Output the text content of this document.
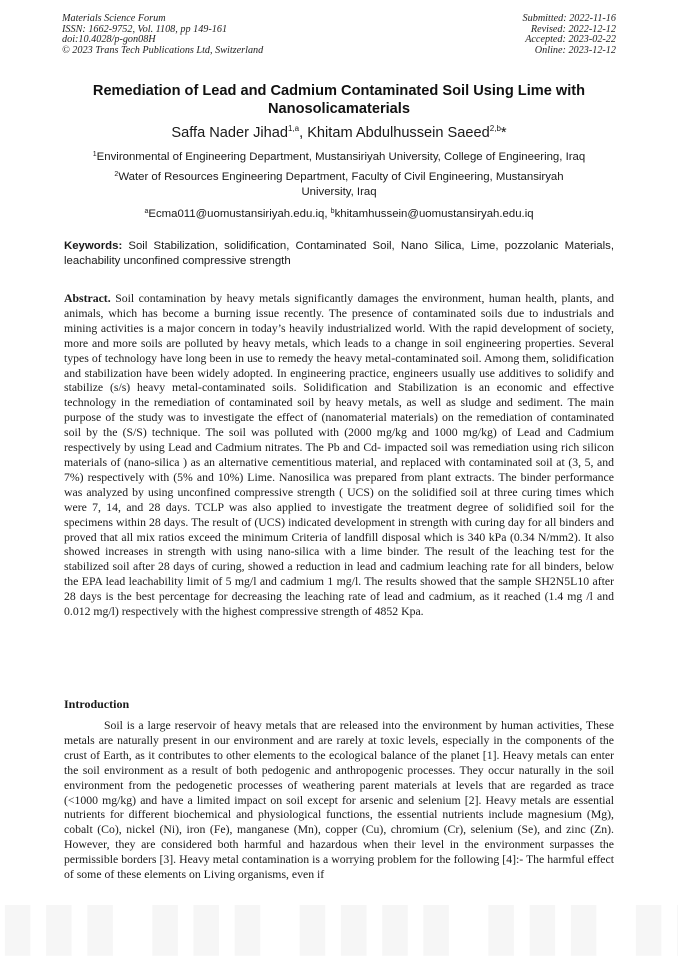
Materials Science Forum
ISSN: 1662-9752, Vol. 1108, pp 149-161
doi:10.4028/p-gon08H
© 2023 Trans Tech Publications Ltd, Switzerland
Submitted: 2022-11-16
Revised: 2022-12-12
Accepted: 2023-02-22
Online: 2023-12-12
Remediation of Lead and Cadmium Contaminated Soil Using Lime with Nanosolicamaterials
Saffa Nader Jihad$^{1,a}$, Khitam Abdulhussein Saeed$^{2,b}$*
$^1$Environmental of Engineering Department, Mustansiriyah University, College of Engineering, Iraq
$^2$Water of Resources Engineering Department, Faculty of Civil Engineering, Mustansiryah University, Iraq
$^a$Ecma011@uomustansiriyah.edu.iq, $^b$khitamhussein@uomustansiryah.edu.iq
Keywords: Soil Stabilization, solidification, Contaminated Soil, Nano Silica, Lime, pozzolanic Materials, leachability unconfined compressive strength

Abstract. Soil contamination by heavy metals significantly damages the environment, human health, plants, and animals, which has become a burning issue recently. The presence of contaminated soils due to industrials and mining activities is a major concern in today’s heavily industrialized world. With the rapid development of society, more and more soils are polluted by heavy metals, which leads to a change in soil engineering properties. Several types of technology have long been in use to remedy the heavy metal-contaminated soil. Among them, solidification and stabilization have been widely adopted. In engineering practice, engineers usually use additives to solidify and stabilize (s/s) heavy metal-contaminated soils. Solidification and Stabilization is an economic and effective technology in the remediation of contaminated soil by heavy metals, as well as sludge and sediment. The main purpose of the study was to investigate the effect of (nanomaterial materials) on the remediation of contaminated soil by the (S/S) technique. The soil was polluted with (2000 mg/kg and 1000 mg/kg) of Lead and Cadmium respectively by using Lead and Cadmium nitrates. The Pb and Cd- impacted soil was remediation using rich silicon materials of (nano-silica ) as an alternative cementitious material, and replaced with contaminated soil at (3, 5, and 7%) respectively with (5% and 10%) Lime. Nanosilica was prepared from plant extracts. The binder performance was analyzed by using unconfined compressive strength ( UCS) on the solidified soil at three curing times which were 7, 14, and 28 days. TCLP was also applied to investigate the treatment degree of solidified soil for the specimens within 28 days. The result of (UCS) indicated development in strength with curing day for all binders and proved that all mix ratios exceed the minimum Criteria of landfill disposal which is 340 kPa (0.34 N/mm2). It also showed increases in strength with using nano-silica with a lime binder. The result of the leaching test for the stabilized soil after 28 days of curing, showed a reduction in lead and cadmium leaching rate for all binders, below the EPA lead leachability limit of 5 mg/l and cadmium 1 mg/l. The results showed that the sample SH2N5L10 after 28 days is the best percentage for decreasing the leaching rate of lead and cadmium, as it reached (1.4 mg /l and 0.012 mg/l) respectively with the highest compressive strength of 4852 Kpa.

Introduction

Soil is a large reservoir of heavy metals that are released into the environment by human activities, These metals are naturally present in our environment and are rarely at toxic levels, especially in the components of the crust of Earth, as it contributes to other elements to the ecological balance of the planet [1]. Heavy metals can enter the soil environment as a result of both pedogenic and anthropogenic processes. They occur naturally in the soil environment from the pedogenetic processes of weathering parent materials at levels that are regarded as trace (<1000 mg/kg) and have a limited impact on soil except for arsenic and selenium [2]. Heavy metals are essential nutrients for different biochemical and physiological functions, the essential nutrients include magnesium (Mg), cobalt (Co), nickel (Ni), iron (Fe), manganese (Mn), copper (Cu), chromium (Cr), selenium (Se), and zinc (Zn). However, they are considered both harmful and hazardous when their level in the environment surpasses the permissible borders [3]. Heavy metal contamination is a worrying problem for the following [4]:- The harmful effect of some of these elements on Living organisms, even if
